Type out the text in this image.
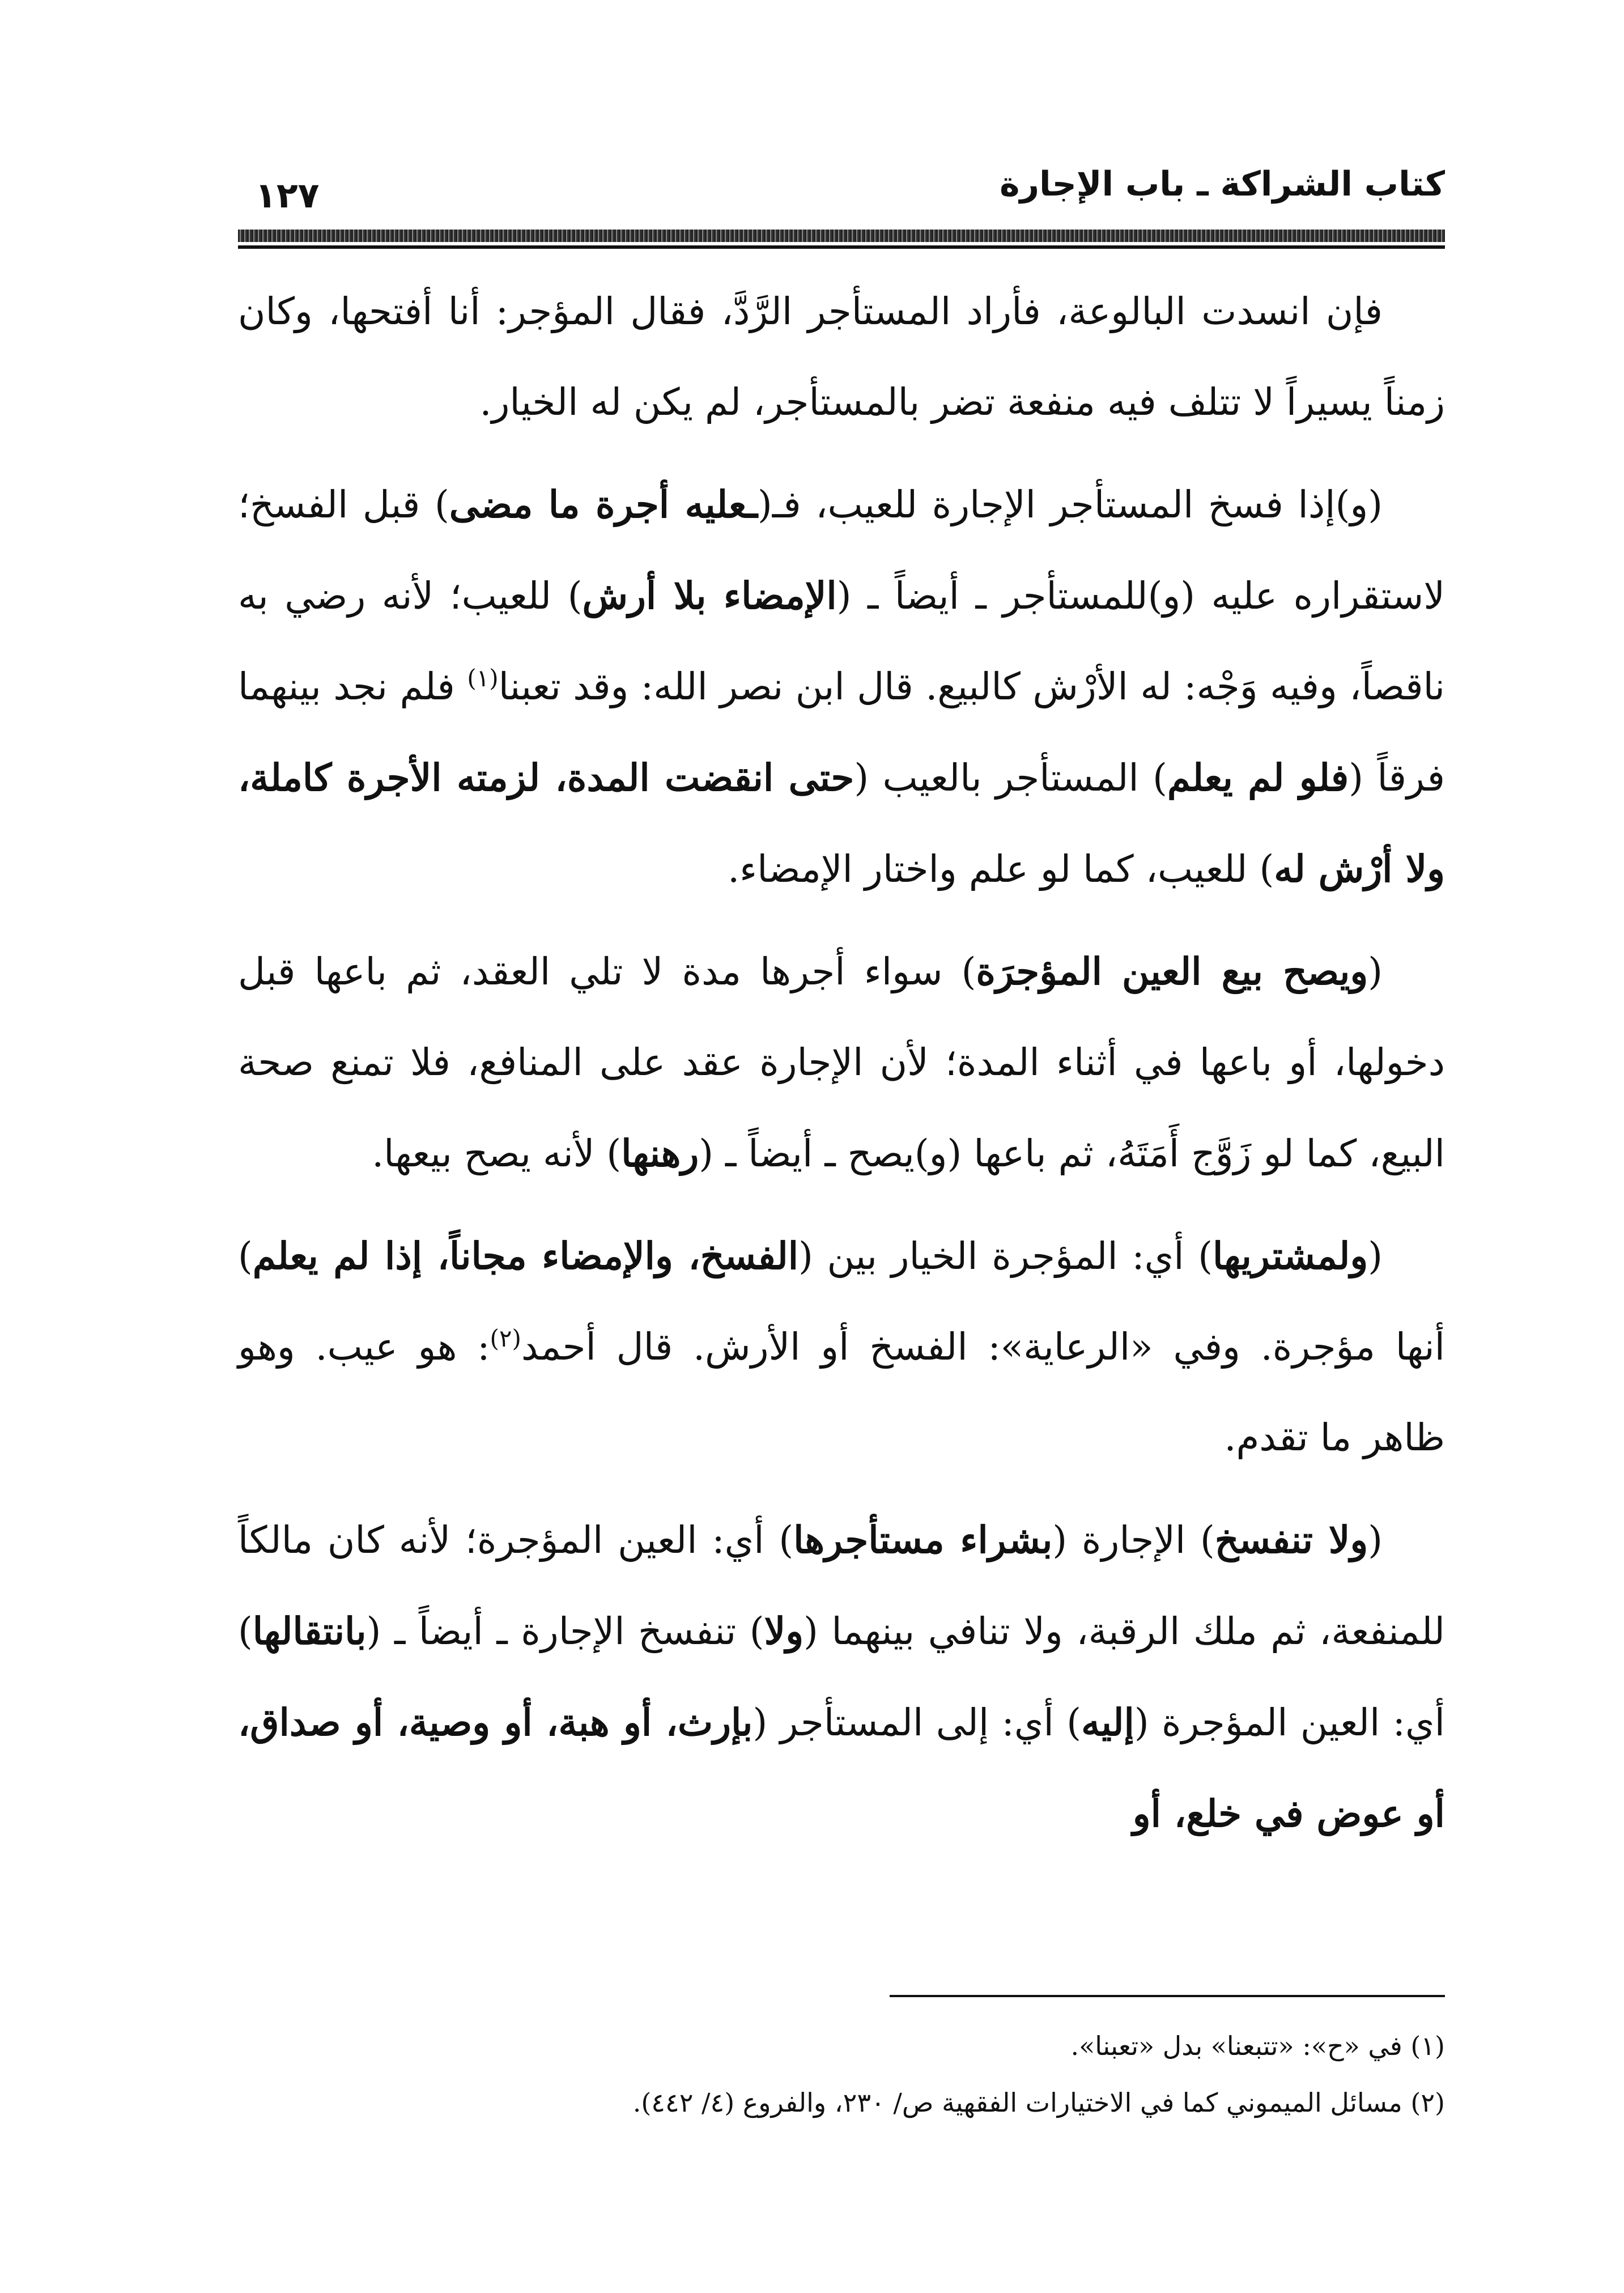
كتاب الشراكة ـ باب الإجارة
١٢٧

فإن انسدت البالوعة، فأراد المستأجر الرَّدَّ، فقال المؤجر: أنا أفتحها، وكان زمناً يسيراً لا تتلف فيه منفعة تضر بالمستأجر، لم يكن له الخيار.

(و)إذا فسخ المستأجر الإجارة للعيب، فـ(ـعليه أجرة ما مضى) قبل الفسخ؛ لاستقراره عليه (و)للمستأجر ـ أيضاً ـ (الإمضاء بلا أرش) للعيب؛ لأنه رضي به ناقصاً، وفيه وَجْه: له الأرْش كالبيع. قال ابن نصر الله: وقد تعبنا$^{(١)}$ فلم نجد بينهما فرقاً (فلو لم يعلم) المستأجر بالعيب (حتى انقضت المدة، لزمته الأجرة كاملة، ولا أرْش له) للعيب، كما لو علم واختار الإمضاء.

(ويصح بيع العين المؤجرَة) سواء أجرها مدة لا تلي العقد، ثم باعها قبل دخولها، أو باعها في أثناء المدة؛ لأن الإجارة عقد على المنافع، فلا تمنع صحة البيع، كما لو زَوَّج أَمَتَهُ، ثم باعها (و)يصح ـ أيضاً ـ (رهنها) لأنه يصح بيعها.

(ولمشتريها) أي: المؤجرة الخيار بين (الفسخ، والإمضاء مجاناً، إذا لم يعلم) أنها مؤجرة. وفي «الرعاية»: الفسخ أو الأرش. قال أحمد$^{(٢)}$: هو عيب. وهو ظاهر ما تقدم.

(ولا تنفسخ) الإجارة (بشراء مستأجرها) أي: العين المؤجرة؛ لأنه كان مالكاً للمنفعة، ثم ملك الرقبة، ولا تنافي بينهما (ولا) تنفسخ الإجارة ـ أيضاً ـ (بانتقالها) أي: العين المؤجرة (إليه) أي: إلى المستأجر (بإرث، أو هبة، أو وصية، أو صداق، أو عوض في خلع، أو

(١) في «ح»: «تتبعنا» بدل «تعبنا».

(٢) مسائل الميموني كما في الاختيارات الفقهية ص/ ٢٣٠، والفروع (٤/ ٤٤٢).
